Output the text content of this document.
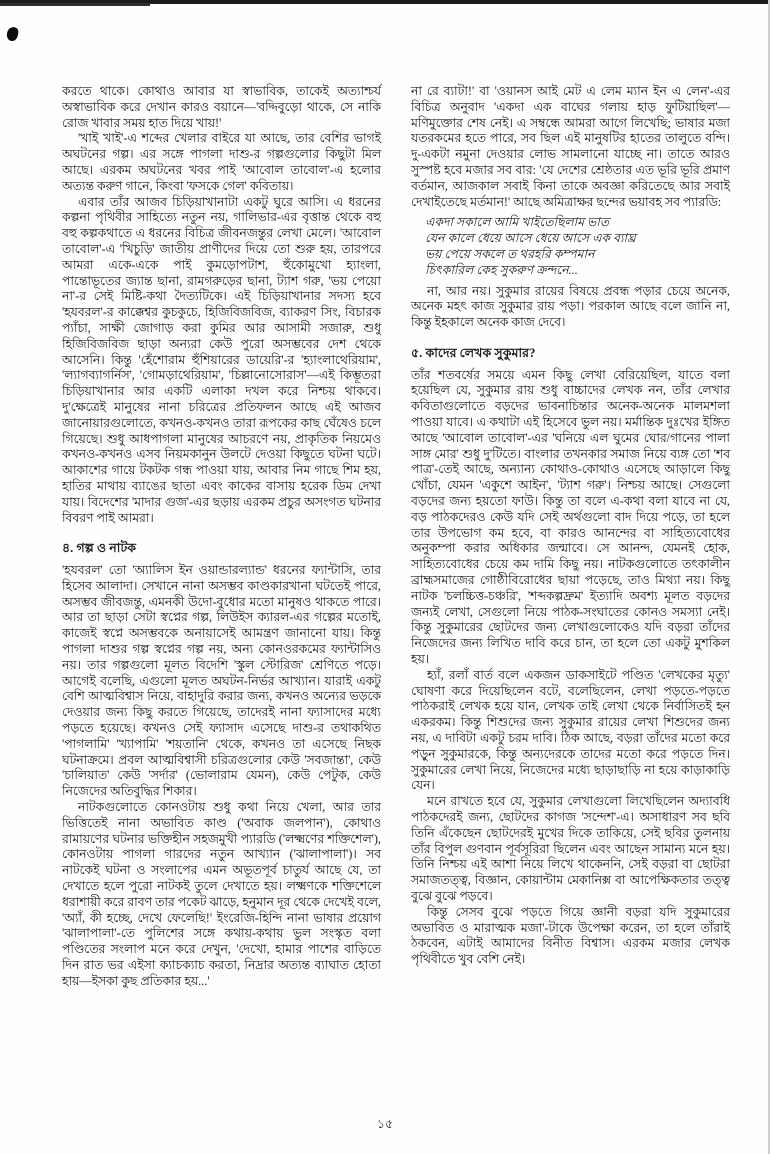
করতে থাকে। কোথাও আবার যা স্বাভাবিক, তাকেই অত্যাশ্চর্য অস্বাভাবিক করে দেখান কারও বয়ানে—'বদ্দিবুড়ো থাকে, সে নাকি রোজ খাবার সময় হাত দিয়ে খায়!'

'খাই খাই'-এ শব্দের খেলার বাইরে যা আছে, তার বেশির ভাগই অঘটনের গল্প। এর সঙ্গে পাগলা দাশু-র গল্পগুলোর কিছুটা মিল আছে। এরকম অঘটনের খবর পাই 'আবোল তাবোল'-এ হলোর অত্যন্ত করুণ গানে, কিংবা 'ফসকে গেল' কবিতায়।

এবার তাঁর আজব চিড়িয়াখানাটা একটু ঘুরে আসি। এ ধরনের কল্পনা পৃথিবীর সাহিত্যে নতুন নয়, গালিভার-এর বৃত্তান্ত থেকে বহু বহু কল্পকথাতে এ ধরনের বিচিত্র জীবনজন্তুর লেখা মেলে। 'আবোল তাবোল'-এ 'খিচুড়ি' জাতীয় প্রাণীদের দিয়ে তো শুরু হয়, তারপরে আমরা একে-একে পাই কুমড়োপটাশ, হুঁকোমুখো হ্যাংলা, পান্তোভূতের জ্যান্ত ছানা, রামগরুড়ের ছানা, ট্যাশ গরু, 'ভয় পেয়ো না'-র সেই মিষ্টি-কথা দৈত্যটিকে। এই চিড়িয়াখানার সদস্য হবে 'হযবরল'-র কাক্কেশ্বর কুচকুচে, হিজিবিজবিজ, ব্যাকরণ সিং, বিচারক প্যাঁচা, সাক্ষী জোগাড় করা কুমির আর আসামী সজারু, শুধু হিজিবিজবিজ ছাড়া অন্যরা কেউ পুরো অসম্ভবের দেশ থেকে আসেনি। কিন্তু 'হেঁশোরাম হুঁশিয়ারের ডায়েরি'-র 'হ্যাংলাথেরিয়াম', 'ল্যাগব্যাগর্নিস', 'গোমড়াথেরিয়াম', 'চিল্লানোসোরাস'—এই কিম্ভূতরা চিড়িয়াখানার আর একটি এলাকা দখল করে নিশ্চয় থাকবে। দু'ক্ষেত্রেই মানুষের নানা চরিত্রের প্রতিফলন আছে এই আজব জানোয়ারগুলোতে, কখনও-কখনও তারা রূপকের কাছ ঘেঁষেও চলে গিয়েছে। শুধু আধপাগলা মানুষের আচরণে নয়, প্রাকৃতিক নিয়মেও কখনও-কখনও এসব নিয়মকানুন উলটে দেওয়া কিছুতে ঘটনা ঘটে। আকাশের গায়ে টকটক গন্ধ পাওয়া যায়, আবার নিম গাছে শিম হয়, হাতির মাথায় ব্যাঙের ছাতা এবং কাকের বাসায় হরেক ডিম দেখা যায়। বিদেশের 'মাদার গুজ'-এর ছড়ায় এরকম প্রচুর অসংগত ঘটনার বিবরণ পাই আমরা।

৪. গল্প ও নাটক

'হযবরল' তো 'অ্যালিস ইন ওয়ান্ডারল্যান্ড' ধরনের ফ্যান্টাসি, তার হিসেব আলাদা। সেখানে নানা অসম্ভব কাণ্ডকারখানা ঘটতেই পারে, অসম্ভব জীবজন্তু, এমনকী উদো-বুধোর মতো মানুষও থাকতে পারে। আর তা ছাড়া সেটা স্বপ্নের গল্প, লিউইস ক্যারল-এর গল্পের মতোই, কাজেই স্বপ্নে অসম্ভবকে অনায়াসেই আমন্ত্রণ জানানো যায়। কিন্তু পাগলা দাশুর গল্প স্বপ্নের গল্প নয়, অন্য কোনওরকমের ফ্যান্টাসিও নয়। তার গল্পগুলো মূলত বিদেশি 'স্কুল স্টোরিজ' শ্রেণিতে পড়ে। আগেই বলেছি, এগুলো মূলত অঘটন-নির্ভর আখ্যান। যারাই একটু বেশি আত্মবিশ্বাস নিয়ে, বাহাদুরি করার জন্য, কখনও অন্যের ভড়কে দেওয়ার জন্য কিছু করতে গিয়েছে, তাদেরই নানা ফ্যাসাদের মধ্যে পড়তে হয়েছে। কখনও সেই ফ্যাসাদ এসেছে দাশু-র তথাকথিত 'পাগলামি' 'খ্যাপামি' 'শয়তানি' থেকে, কখনও তা এসেছে নিছক ঘটনাক্রমে। প্রবল আত্মবিশ্বাসী চরিত্রগুলোর কেউ 'সবজান্তা', কেউ 'চালিয়াত' কেউ 'সর্দার' (ভোলারাম যেমন), কেউ পেটুক, কেউ নিজেদের অতিবুদ্ধির শিকার।

নাটকগুলোতে কোনওটায় শুধু কথা নিয়ে খেলা, আর তার ভিত্তিতেই নানা অভাবিত কাণ্ড ('অবাক জলপান'), কোথাও রামায়ণের ঘটনার ভক্তিহীন সহজমুখী প্যারডি ('লক্ষ্মণের শক্তিশেল'), কোনওটায় পাগলা গারদের নতুন আখ্যান ('ঝালাপালা')। সব নাটকেই ঘটনা ও সংলাপের এমন অভূতপূর্ব চাতুর্য আছে যে, তা দেখাতে হলে পুরো নাটকই তুলে দেখাতে হয়। লক্ষ্মণকে শক্তিশেলে ধরাশায়ী করে রাবণ তার পকেট ঝাড়ে, হনুমান দূর থেকে দেখেই বলে, 'অ্যাঁ, কী হচ্ছে, দেখে ফেলেছি!' ইংরেজি-হিন্দি নানা ভাষার প্রয়োগ 'ঝালাপালা'-তে পুলিশের সঙ্গে কথায়-কথায় ভুল সংস্কৃত বলা পণ্ডিতের সংলাপ মনে করে দেখুন, 'দেখো, হামার পাশের বাড়িতে দিন রাত ভর এইসা ক্যাচক্যাচ করতা, নিদ্রার অত্যন্ত ব্যাঘাত হোতা হায়—ইসকা কুছ প্রতিকার হয়...'

না রে ব্যাটা!' বা 'ওয়ানস আই মেট এ লেম ম্যান ইন এ লেন'-এর বিচিত্র অনুবাদ 'একদা এক বাঘের গলায় হাড় ফুটিয়াছিল'—মণিমুক্তোর শেষ নেই। এ সম্বন্ধে আমরা আগে লিখেছি; ভাষার মজা যতরকমের হতে পারে, সব ছিল এই মানুষটির হাতের তালুতে বন্দি। দু-একটা নমুনা দেওয়ার লোভ সামলানো যাচ্ছে না। তাতে আরও সুস্পষ্ট হবে মজার সব বার: 'যে দেশের শ্রেষ্ঠতার এত ভূরি ভূরি প্রমাণ বর্তমান, আজকাল সবাই কিনা তাকে অবজ্ঞা করিতেছে আর সবাই দেখাইতেছে মর্তমান!' আছে অমিত্রাক্ষর ছন্দের ভয়াবহ সব প্যারডি:

একদা সকালে আমি খাইতেছিলাম ভাত

যেন কালে ধেয়ে আসে ধেয়ে আসে এক ব্যাঘ্র

ভয় পেয়ে সকলে ত থরহরি কম্পমান

চিৎকারিল কেহ সুকরুণ ক্রন্দনে...

না, আর নয়। সুকুমার রায়ের বিষয়ে প্রবন্ধ পড়ার চেয়ে অনেক, অনেক মহৎ কাজ সুকুমার রায় পড়া। পরকাল আছে বলে জানি না, কিন্তু ইহকালে অনেক কাজ দেবে।

৫. কাদের লেখক সুকুমার?

তাঁর শতবর্ষের সময়ে এমন কিছু লেখা বেরিয়েছিল, যাতে বলা হয়েছিল যে, সুকুমার রায় শুধু বাচ্চাদের লেখক নন, তাঁর লেখার কবিতাগুলোতে বড়দের ভাবনাচিন্তার অনেক-অনেক মালমশলা পাওয়া যাবে। এ কথাটা এই হিসেবে ভুল নয়। মর্মান্তিক দুঃখের ইঙ্গিত আছে 'আবোল তাবোল'-এর 'ঘনিয়ে এল ঘুমের ঘোর/গানের পালা সাঙ্গ মোর' শুধু দু'টিতে। বাংলার তখনকার সমাজ নিয়ে ব্যঙ্গ তো 'শব পাত্র'-তেই আছে, অন্যান্য কোথাও-কোথাও এসেছে আড়ালে কিছু খোঁচা, যেমন 'একুশে আইন', 'ট্যাশ গরু'। নিশ্চয় আছে। সেগুলো বড়দের জন্য হয়তো ফাউ। কিন্তু তা বলে এ-কথা বলা যাবে না যে, বড় পাঠকদেরও কেউ যদি সেই অর্থগুলো বাদ দিয়ে পড়ে, তা হলে তার উপভোগ কম হবে, বা কারও আনন্দের বা সাহিত্যবোধের অনুকম্পা করার অধিকার জন্মাবে। সে আনন্দ, যেমনই হোক, সাহিত্যবোধের চেয়ে কম দামি কিছু নয়। নাটকগুলোতে তৎকালীন ব্রাহ্মসমাজের গোষ্ঠীবিরোধের ছায়া পড়েছে, তাও মিথ্যা নয়। কিছু নাটক 'চলচ্চিত্ত-চঞ্চরি', 'শব্দকল্পদ্রুম' ইত্যাদি অবশ্য মূলত বড়দের জন্যই লেখা, সেগুলো নিয়ে পাঠক-সংঘাতের কোনও সমস্যা নেই। কিন্তু সুকুমারের ছোটদের জন্য লেখাগুলোকেও যদি বড়রা তাঁদের নিজেদের জন্য লিখিত দাবি করে চান, তা হলে তো একটু মুশকিল হয়।

হ্যাঁ, রলাঁ বার্ত বলে একজন ডাকসাইটে পণ্ডিত 'লেখকের মৃত্যু' ঘোষণা করে দিয়েছিলেন বটে, বলেছিলেন, লেখা পড়তে-পড়তে পাঠকরাই লেখক হয়ে যান, লেখক তাই লেখা থেকে নির্বাসিতই হন একরকম। কিন্তু শিশুদের জন্য সুকুমার রায়ের লেখা শিশুদের জন্য নয়, এ দাবিটা একটু চরম দাবি। ঠিক আছে, বড়রা তাঁদের মতো করে পড়ুন সুকুমারকে, কিন্তু অন্যদেরকে তাদের মতো করে পড়তে দিন। সুকুমারের লেখা নিয়ে, নিজেদের মধ্যে ছাড়াছাড়ি না হয়ে কাড়াকাড়ি যেন।

মনে রাখতে হবে যে, সুকুমার লেখাগুলো লিখেছিলেন অদ্যাবধি পাঠকদেরই জন্য, ছোটদের কাগজ 'সন্দেশ'-এ। অসাধারণ সব ছবি তিনি এঁকেছেন ছোটদেরই মুখের দিকে তাকিয়ে, সেই ছবির তুলনায় তাঁর বিপুল গুণবান পূর্বসূরিরা ছিলেন এবং আছেন সামান্য মনে হয়। তিনি নিশ্চয় এই আশা নিয়ে লিখে থাকেননি, সেই বড়রা বা ছোটরা সমাজতত্ত্ব, বিজ্ঞান, কোয়ান্টাম মেকানিক্স বা আপেক্ষিকতার তত্ত্ব বুঝে বুঝে পড়বে।

কিন্তু সেসব বুঝে পড়তে গিয়ে জ্ঞানী বড়রা যদি সুকুমারের অভাবিত ও মারাত্মক মজা'-টাকে উপেক্ষা করেন, তা হলে তাঁরাই ঠকবেন, এটাই আমাদের বিনীত বিশ্বাস। এরকম মজার লেখক পৃথিবীতে খুব বেশি নেই।

১৫
